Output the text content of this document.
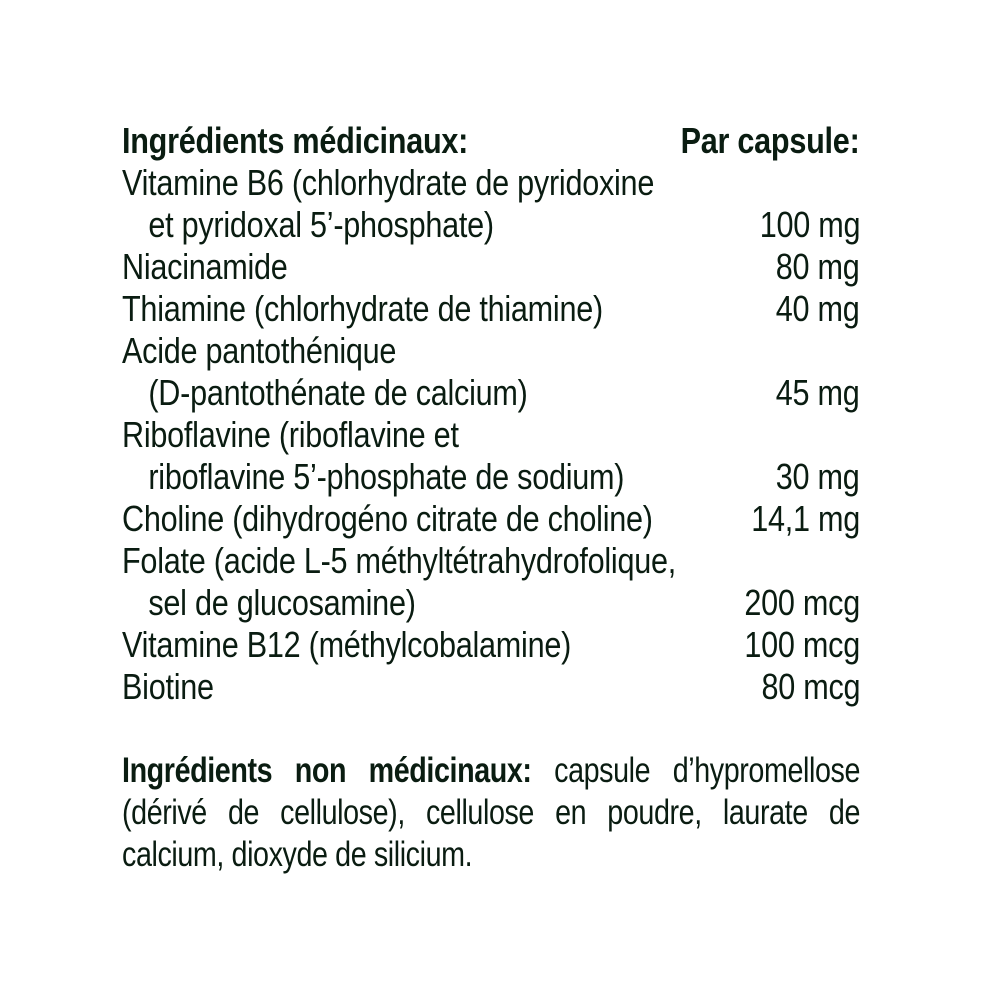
Ingrédients médicinaux:	Par capsule:
Vitamine B6 (chlorhydrate de pyridoxine
et pyridoxal 5’-phosphate)	100 mg
Niacinamide	80 mg
Thiamine (chlorhydrate de thiamine)	40 mg
Acide pantothénique
(D-pantothénate de calcium)	45 mg
Riboflavine (riboflavine et
riboflavine 5’-phosphate de sodium)	30 mg
Choline (dihydrogéno citrate de choline)	14,1 mg
Folate (acide L-5 méthyltétrahydrofolique,
sel de glucosamine)	200 mcg
Vitamine B12 (méthylcobalamine)	100 mcg
Biotine	80 mcg
Ingrédients non médicinaux: capsule d’hypromellose
(dérivé de cellulose), cellulose en poudre, laurate de
calcium, dioxyde de silicium.
